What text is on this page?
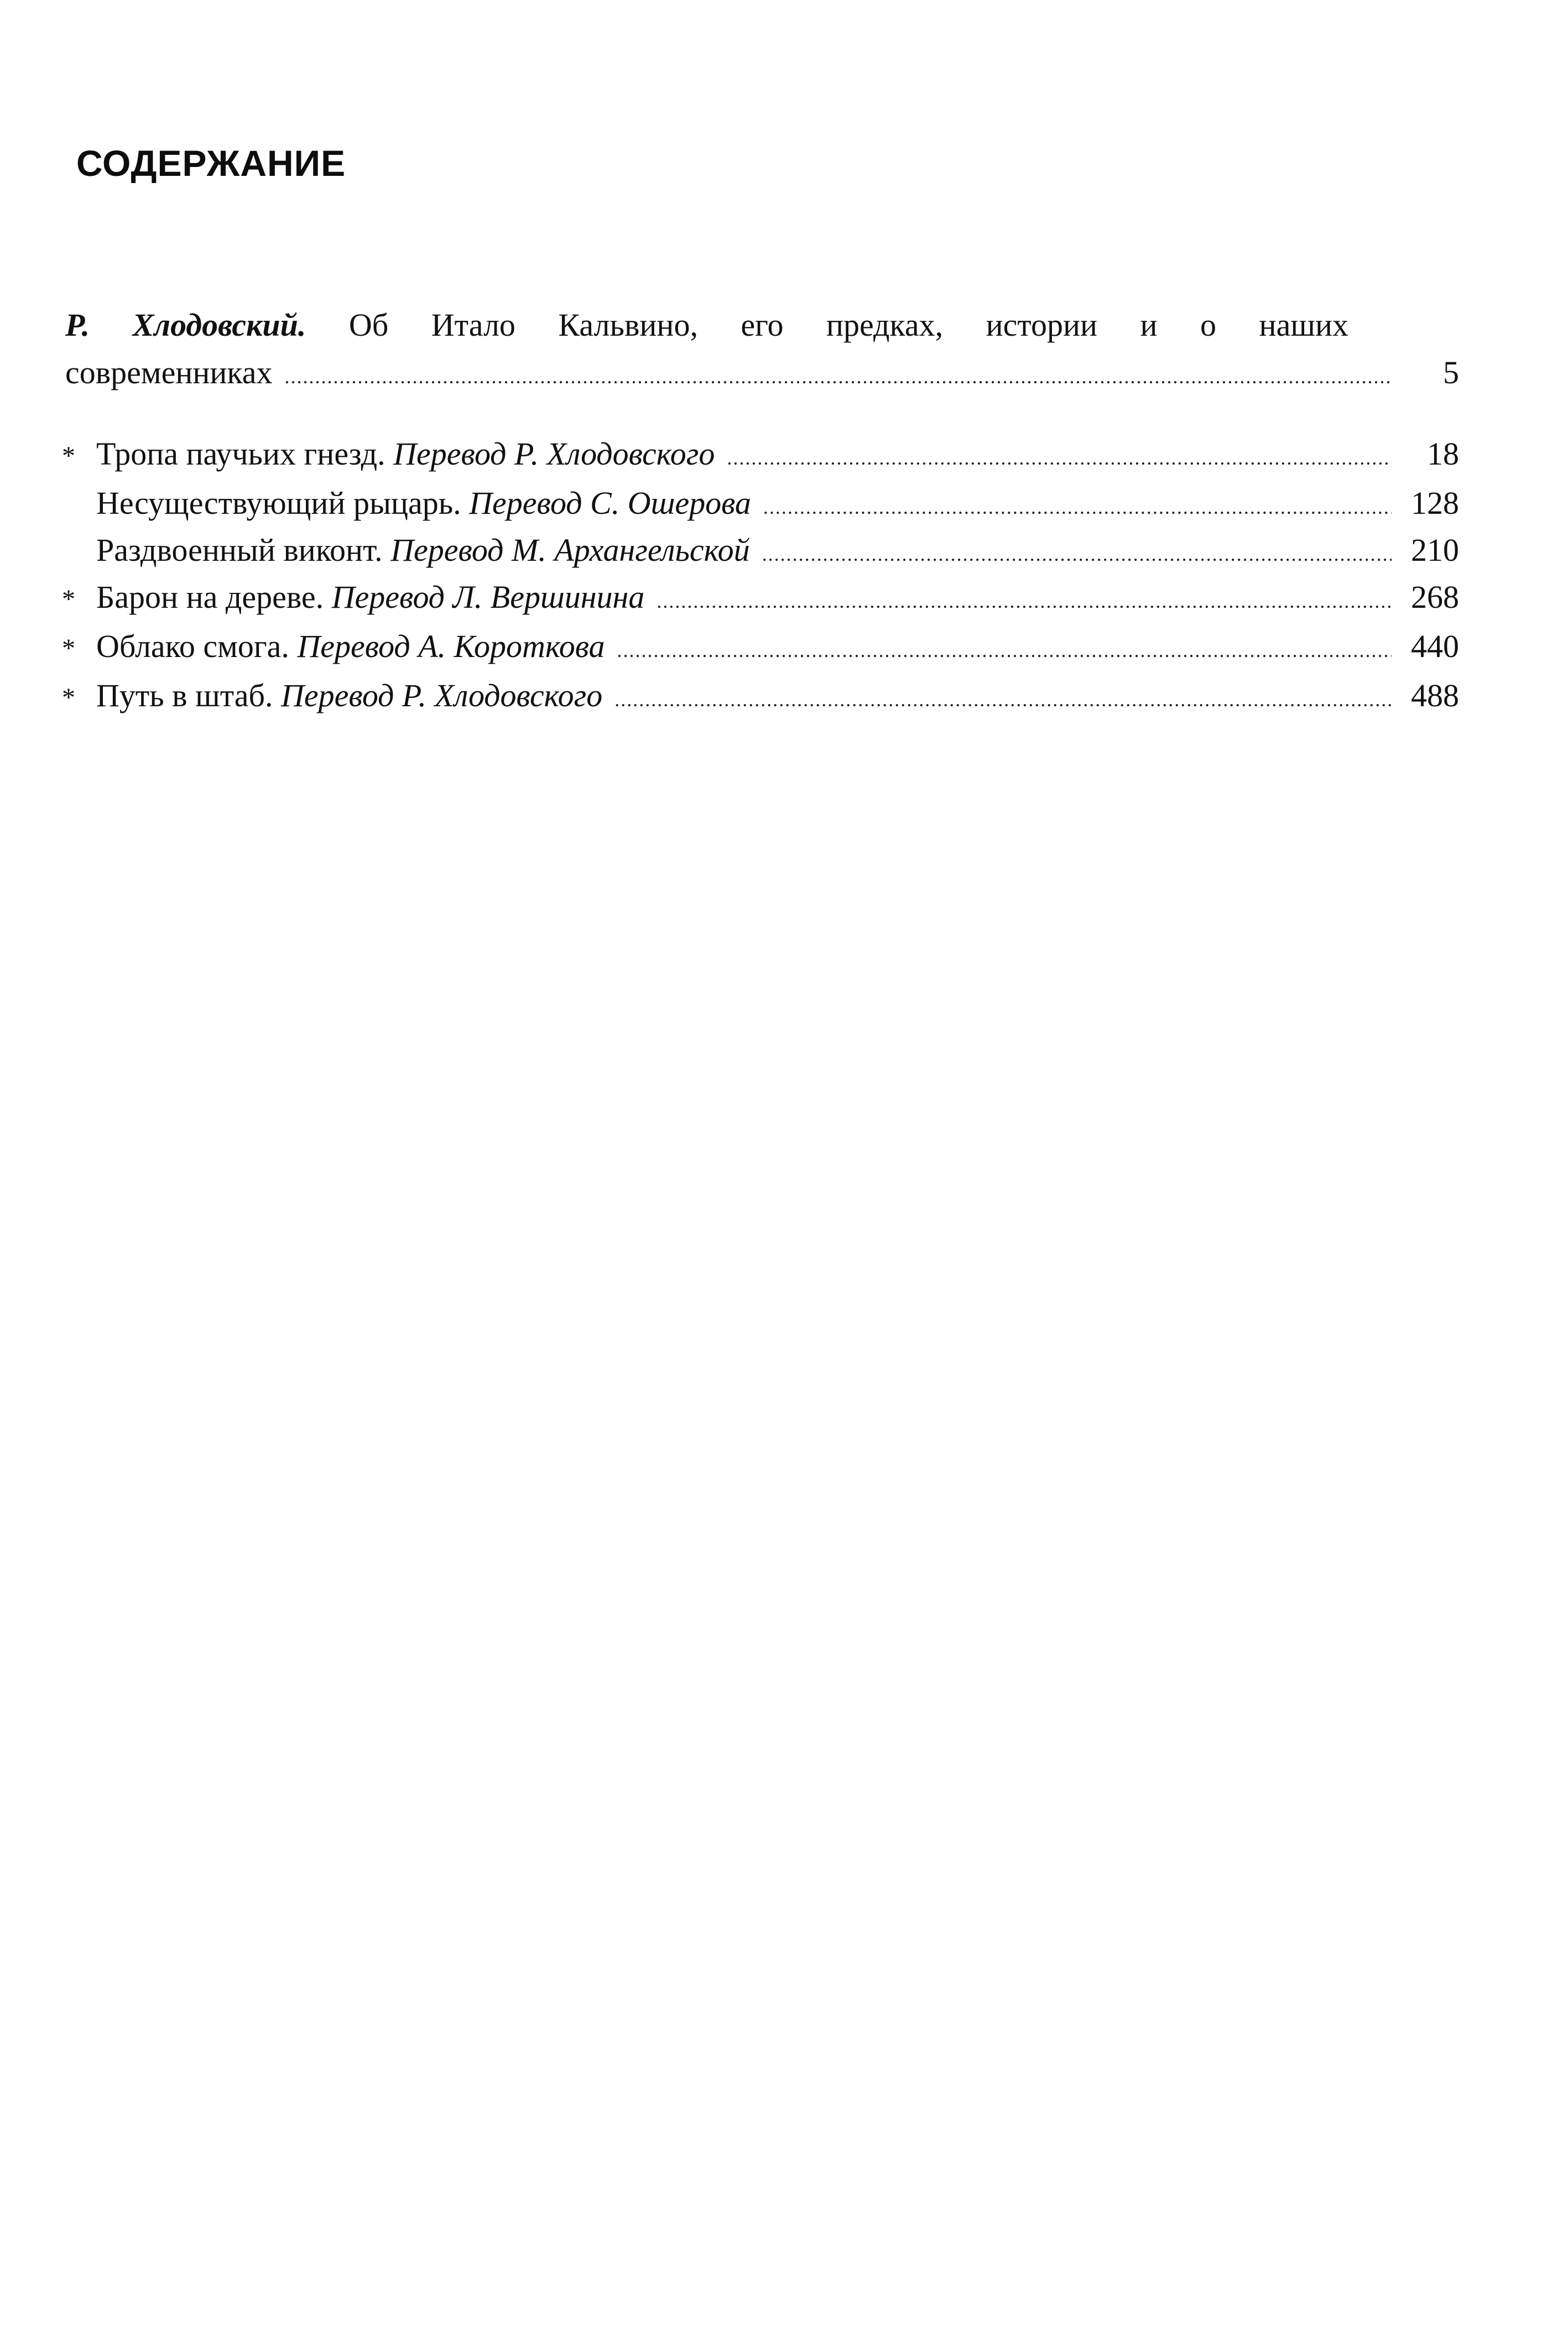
СОДЕРЖАНИЕ
Р. Хлодовский. Об Итало Кальвино, его предках, истории и о наших
современниках .....	5
* Тропа паучьих гнезд. Перевод Р. Хлодовского .....	18
Несуществующий рыцарь. Перевод С. Ошерова .....	128
Раздвоенный виконт. Перевод М. Архангельской .....	210
* Барон на дереве. Перевод Л. Вершинина .....	268
* Облако смога. Перевод А. Короткова .....	440
* Путь в штаб. Перевод Р. Хлодовского .....	488
